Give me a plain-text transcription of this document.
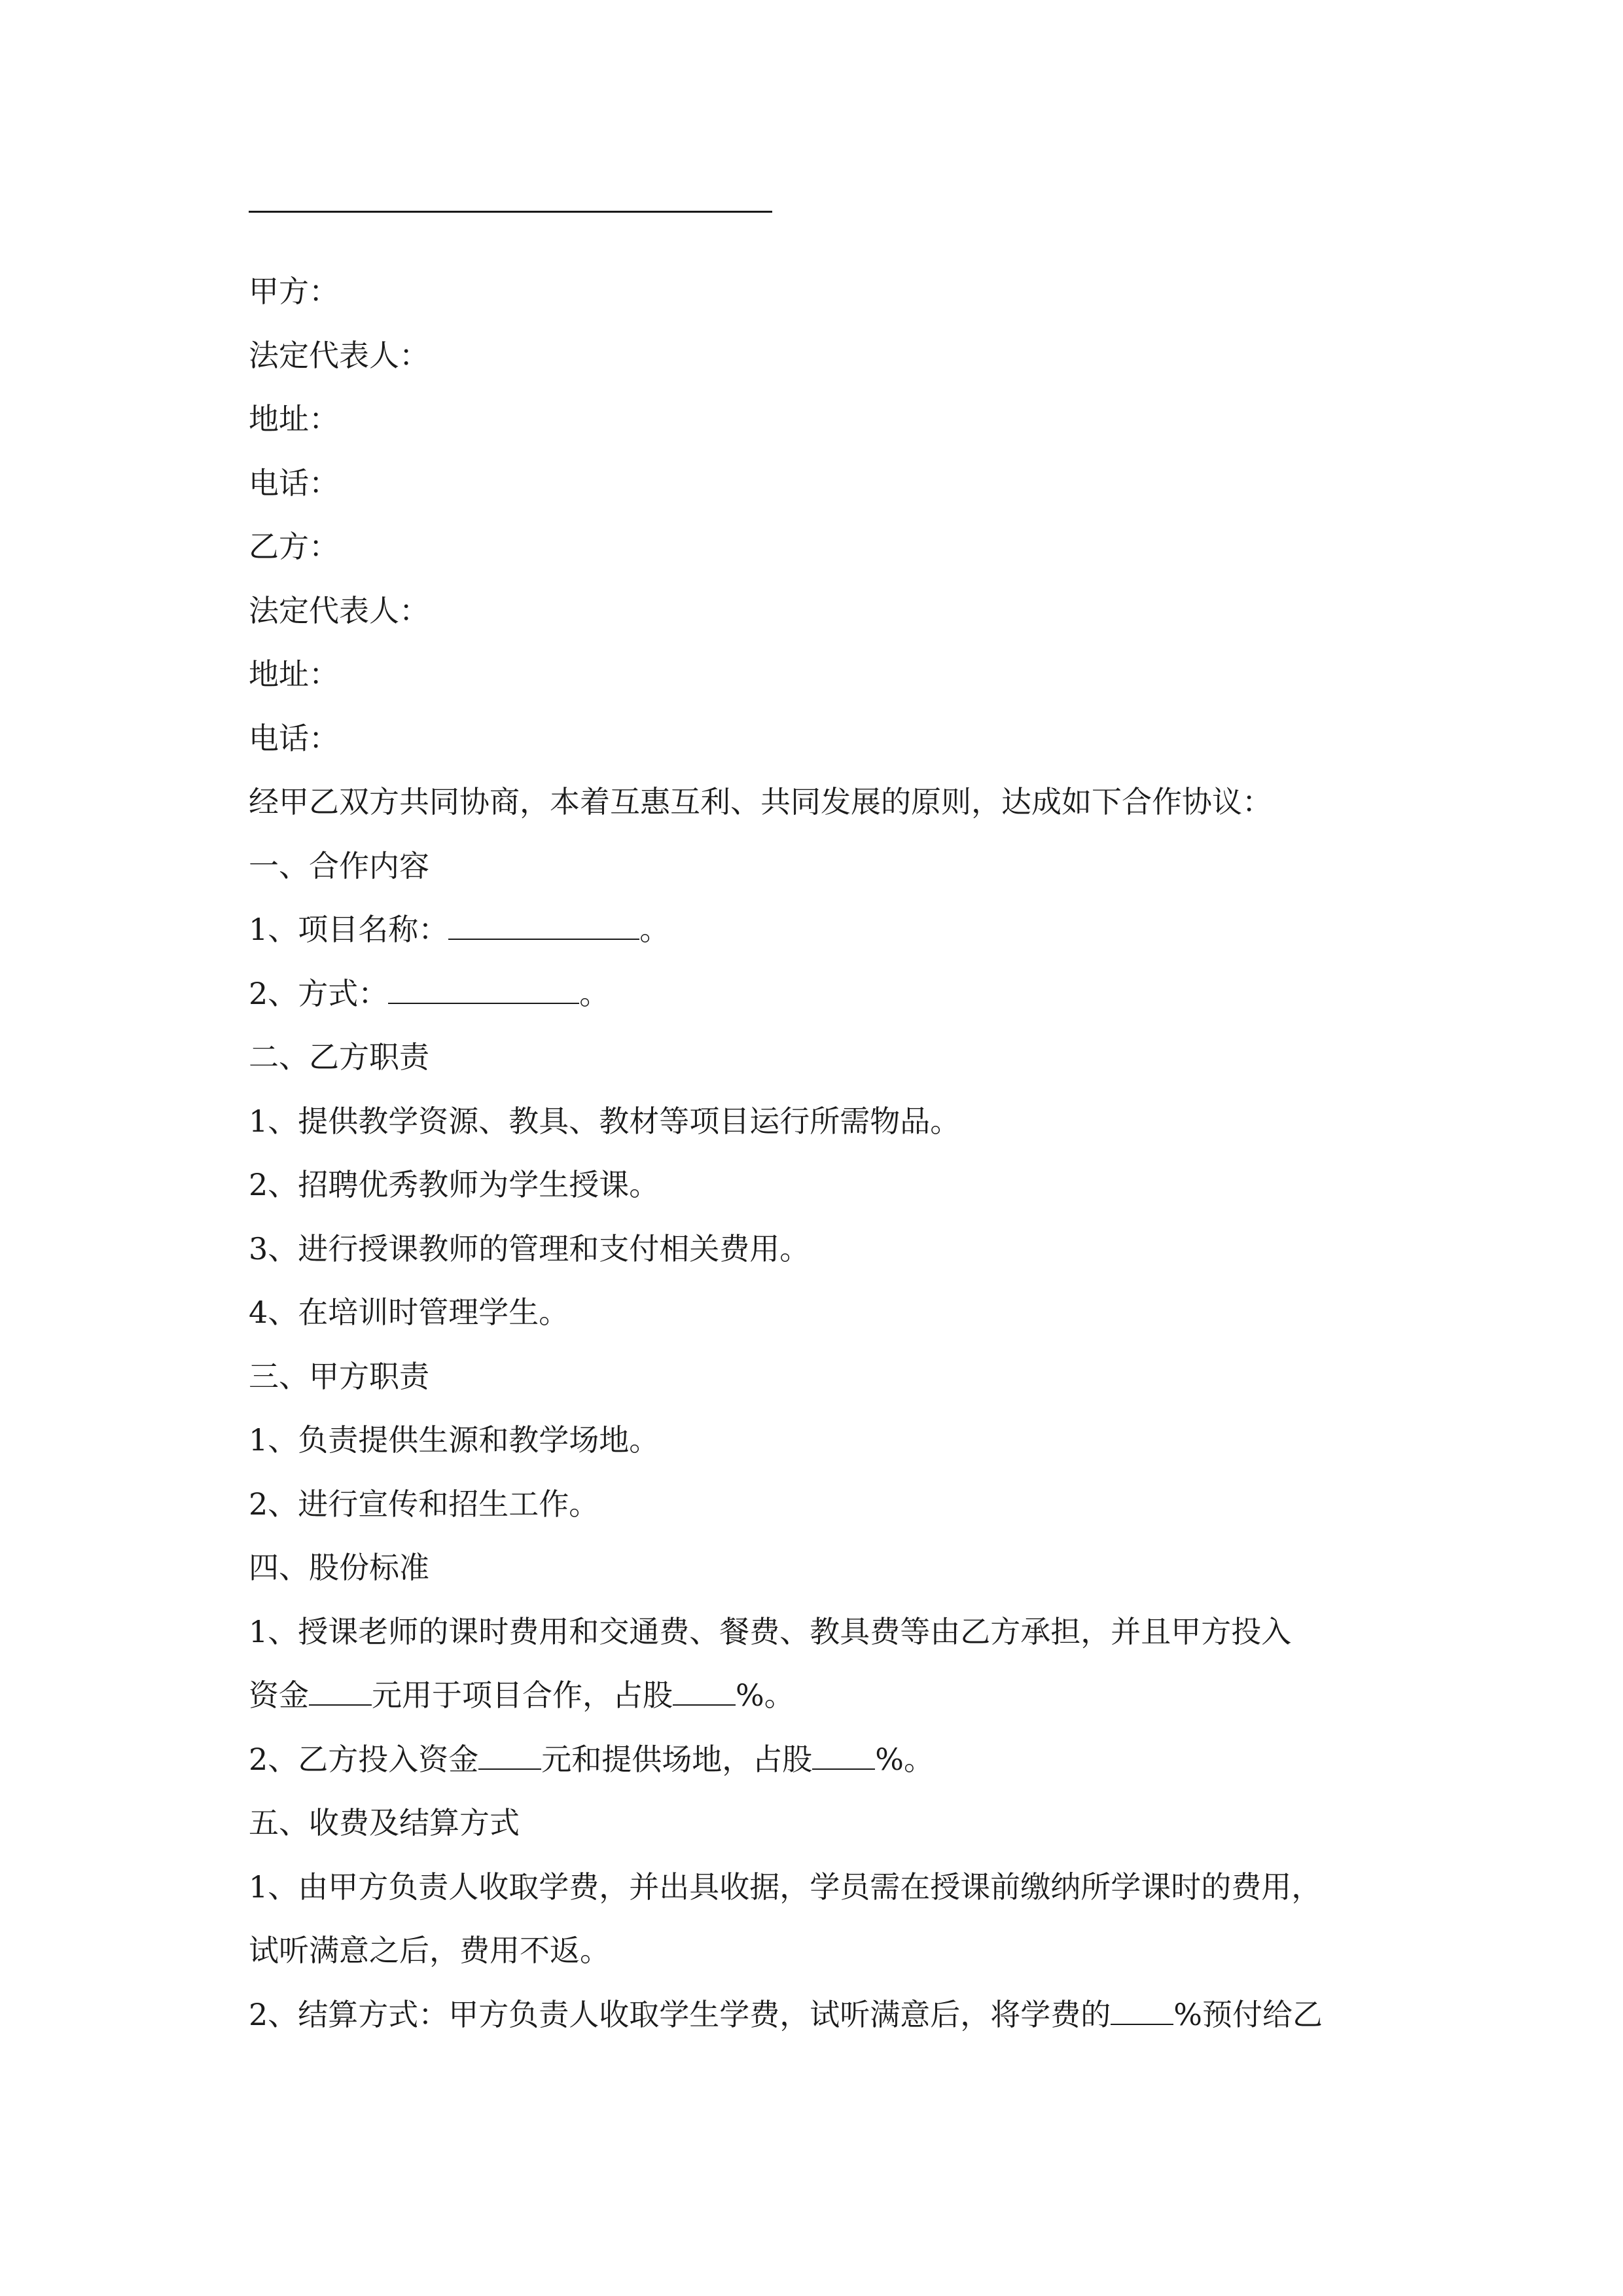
甲方：
法定代表人：
地址：
电话：
乙方：
法定代表人：
地址：
电话：
经甲乙双方共同协商，本着互惠互利、共同发展的原则，达成如下合作协议：
一、合作内容
1、项目名称：	。
2、方式：	。
二、乙方职责
1、提供教学资源、教具、教材等项目运行所需物品。
2、招聘优秀教师为学生授课。
3、进行授课教师的管理和支付相关费用。
4、在培训时管理学生。
三、甲方职责
1、负责提供生源和教学场地。
2、进行宣传和招生工作。
四、股份标准
1、授课老师的课时费用和交通费、餐费、教具费等由乙方承担，并且甲方投入
资金 元用于项目合作，占股 %。
2、乙方投入资金 元和提供场地，占股 %。
五、收费及结算方式
1、由甲方负责人收取学费，并出具收据，学员需在授课前缴纳所学课时的费用，
试听满意之后，费用不返。
2、结算方式：甲方负责人收取学生学费，试听满意后，将学费的 %预付给乙
